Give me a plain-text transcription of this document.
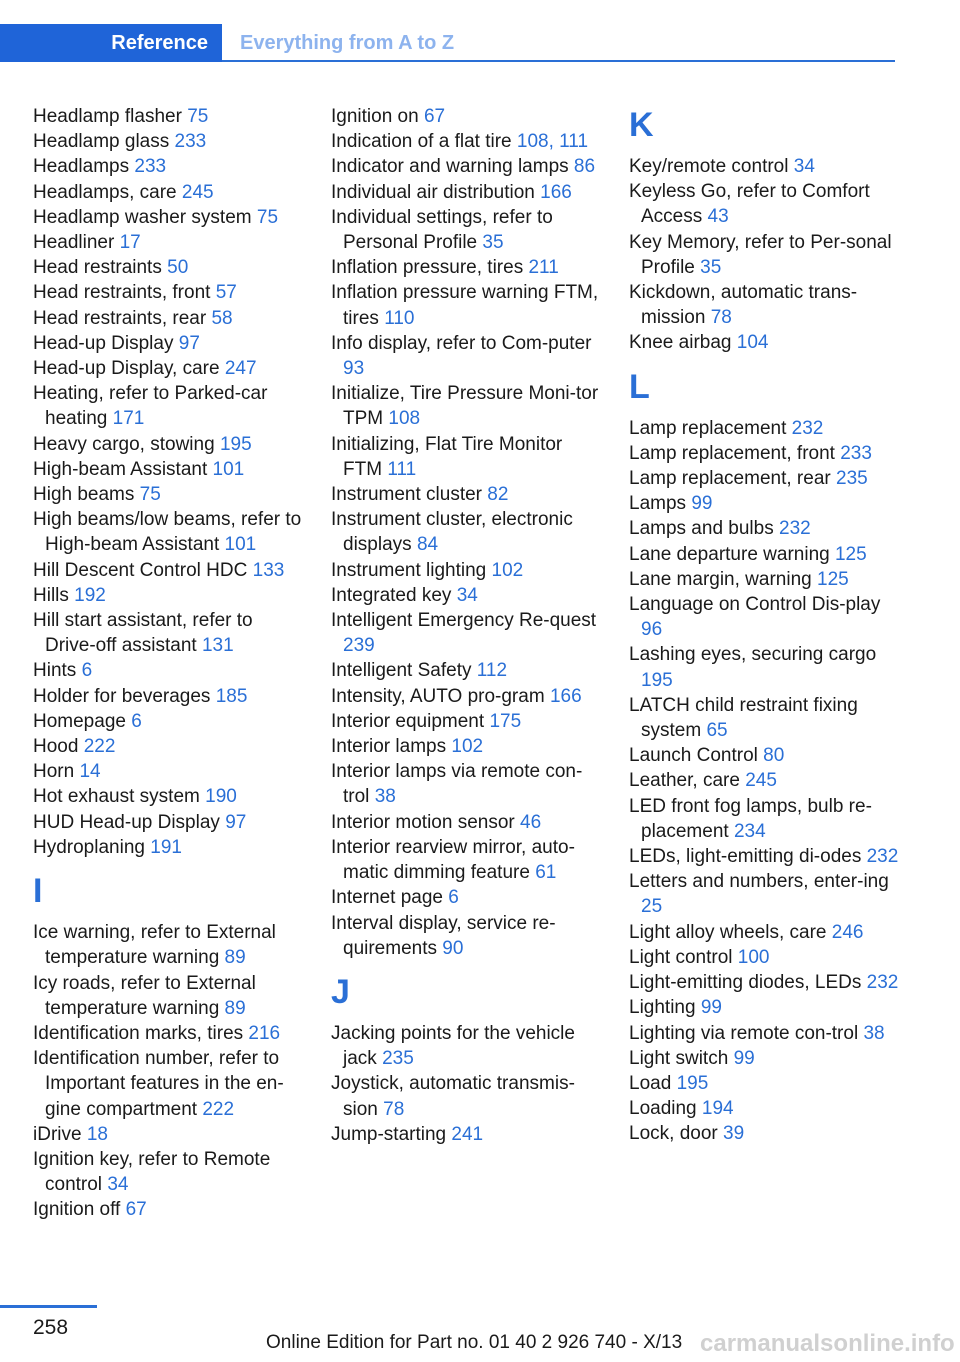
Reference	Everything from A to Z
Headlamp flasher 75
Headlamp glass 233
Headlamps 233
Headlamps, care 245
Headlamp washer system 75
Headliner 17
Head restraints 50
Head restraints, front 57
Head restraints, rear 58
Head-up Display 97
Head-up Display, care 247
Heating, refer to Parked-car heating 171
Heavy cargo, stowing 195
High-beam Assistant 101
High beams 75
High beams/low beams, refer to High-beam Assistant 101
Hill Descent Control HDC 133
Hills 192
Hill start assistant, refer to Drive-off assistant 131
Hints 6
Holder for beverages 185
Homepage 6
Hood 222
Horn 14
Hot exhaust system 190
HUD Head-up Display 97
Hydroplaning 191
I
Ice warning, refer to External temperature warning 89
Icy roads, refer to External temperature warning 89
Identification marks, tires 216
Identification number, refer to Important features in the en‐gine compartment 222
iDrive 18
Ignition key, refer to Remote control 34
Ignition off 67
Ignition on 67
Indication of a flat tire 108, 111
Indicator and warning lamps 86
Individual air distribution 166
Individual settings, refer to Personal Profile 35
Inflation pressure, tires 211
Inflation pressure warning FTM, tires 110
Info display, refer to Com‐puter 93
Initialize, Tire Pressure Moni‐tor TPM 108
Initializing, Flat Tire Monitor FTM 111
Instrument cluster 82
Instrument cluster, electronic displays 84
Instrument lighting 102
Integrated key 34
Intelligent Emergency Re‐quest 239
Intelligent Safety 112
Intensity, AUTO pro‐gram 166
Interior equipment 175
Interior lamps 102
Interior lamps via remote con‐trol 38
Interior motion sensor 46
Interior rearview mirror, auto‐matic dimming feature 61
Internet page 6
Interval display, service re‐quirements 90
J
Jacking points for the vehicle jack 235
Joystick, automatic transmis‐sion 78
Jump-starting 241
K
Key/remote control 34
Keyless Go, refer to Comfort Access 43
Key Memory, refer to Per‐sonal Profile 35
Kickdown, automatic trans‐mission 78
Knee airbag 104
L
Lamp replacement 232
Lamp replacement, front 233
Lamp replacement, rear 235
Lamps 99
Lamps and bulbs 232
Lane departure warning 125
Lane margin, warning 125
Language on Control Dis‐play 96
Lashing eyes, securing cargo 195
LATCH child restraint fixing system 65
Launch Control 80
Leather, care 245
LED front fog lamps, bulb re‐placement 234
LEDs, light-emitting di‐odes 232
Letters and numbers, enter‐ing 25
Light alloy wheels, care 246
Light control 100
Light-emitting diodes, LEDs 232
Lighting 99
Lighting via remote con‐trol 38
Light switch 99
Load 195
Loading 194
Lock, door 39
258
Online Edition for Part no. 01 40 2 926 740 - X/13 carmanualsonline.info
